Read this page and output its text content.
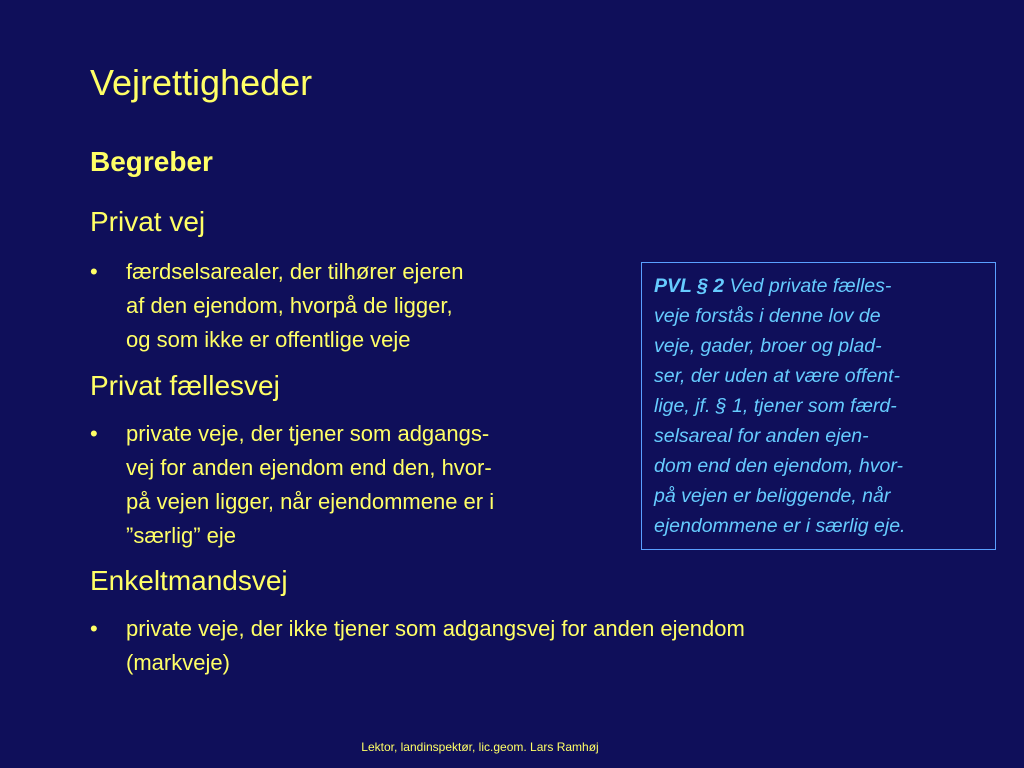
Vejrettigheder
Begreber
Privat vej
•	færdselsarealer, der tilhører ejeren
af den ejendom, hvorpå de ligger,
og som ikke er offentlige veje
Privat fællesvej
•	private veje, der tjener som adgangs-
vej for anden ejendom end den, hvor-
på vejen ligger, når ejendommene er i
”særlig” eje
Enkeltmandsvej
•	private veje, der ikke tjener som adgangsvej for anden ejendom
(markveje)
PVL § 2 Ved private fælles-
veje forstås i denne lov de
veje, gader, broer og plad-
ser, der uden at være offent-
lige, jf. § 1, tjener som færd-
selsareal for anden ejen-
dom end den ejendom, hvor-
på vejen er beliggende, når
ejendommene er i særlig eje.
Lektor, landinspektør, lic.geom. Lars Ramhøj
